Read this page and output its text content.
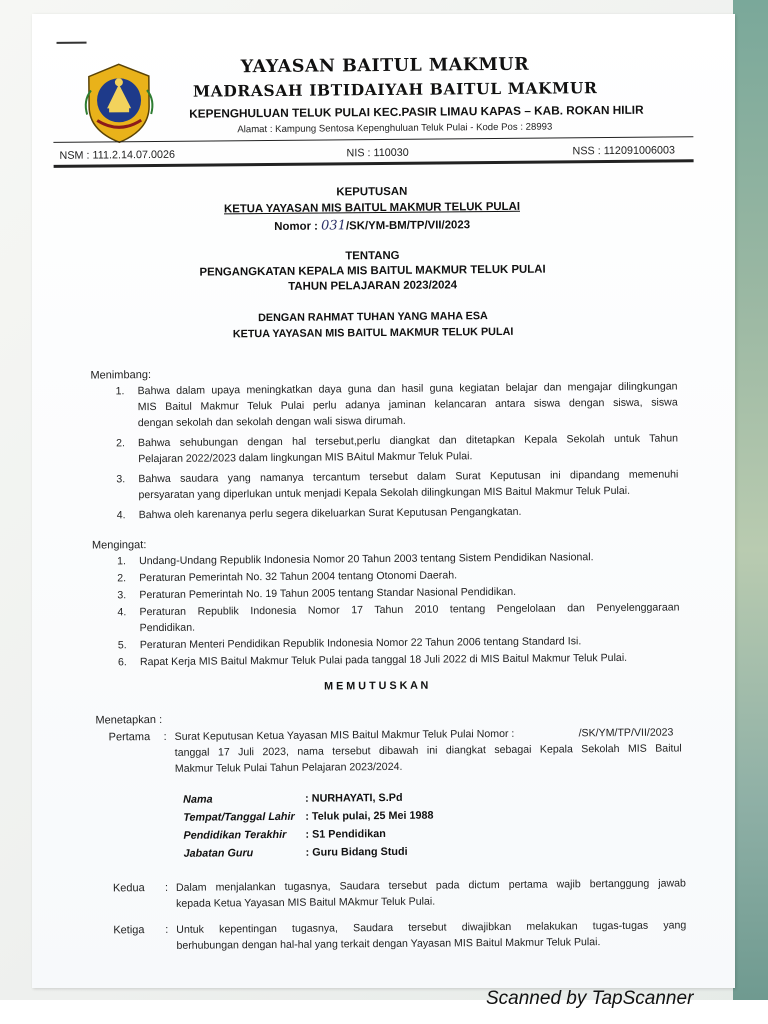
YAYASAN BAITUL MAKMUR
MADRASAH IBTIDAIYAH BAITUL MAKMUR
KEPENGHULUAN TELUK PULAI KEC.PASIR LIMAU KAPAS – KAB. ROKAN HILIR
Alamat : Kampung Sentosa Kepenghuluan Teluk Pulai - Kode Pos : 28993
NSM : 111.2.14.07.0026	NIS : 110030	NSS : 112091006003
KEPUTUSAN
KETUA YAYASAN MIS BAITUL MAKMUR TELUK PULAI
Nomor : 031/SK/YM-BM/TP/VII/2023
TENTANG
PENGANGKATAN KEPALA MIS BAITUL MAKMUR TELUK PULAI
TAHUN PELAJARAN 2023/2024
DENGAN RAHMAT TUHAN YANG MAHA ESA
KETUA YAYASAN MIS BAITUL MAKMUR TELUK PULAI
Menimbang:
1. Bahwa dalam upaya meningkatkan daya guna dan hasil guna kegiatan belajar dan mengajar dilingkungan
MIS Baitul Makmur Teluk Pulai perlu adanya jaminan kelancaran antara siswa dengan siswa, siswa
dengan sekolah dan sekolah dengan wali siswa dirumah.
2. Bahwa sehubungan dengan hal tersebut,perlu diangkat dan ditetapkan Kepala Sekolah untuk Tahun
Pelajaran 2022/2023 dalam lingkungan MIS BAitul Makmur Teluk Pulai.
3. Bahwa saudara yang namanya tercantum tersebut dalam Surat Keputusan ini dipandang memenuhi
persyaratan yang diperlukan untuk menjadi Kepala Sekolah dilingkungan MIS Baitul Makmur Teluk Pulai.
4. Bahwa oleh karenanya perlu segera dikeluarkan Surat Keputusan Pengangkatan.
Mengingat:
1. Undang-Undang Republik Indonesia Nomor 20 Tahun 2003 tentang Sistem Pendidikan Nasional.
2. Peraturan Pemerintah No. 32 Tahun 2004 tentang Otonomi Daerah.
3. Peraturan Pemerintah No. 19 Tahun 2005 tentang Standar Nasional Pendidikan.
4. Peraturan Republik Indonesia Nomor 17 Tahun 2010 tentang Pengelolaan dan Penyelenggaraan
Pendidikan.
5. Peraturan Menteri Pendidikan Republik Indonesia Nomor 22 Tahun 2006 tentang Standard Isi.
6. Rapat Kerja MIS Baitul Makmur Teluk Pulai pada tanggal 18 Juli 2022 di MIS Baitul Makmur Teluk Pulai.
M E M U T U S K A N
Menetapkan :
Pertama : Surat Keputusan Ketua Yayasan MIS Baitul Makmur Teluk Pulai Nomor :	/SK/YM/TP/VII/2023
tanggal 17 Juli 2023, nama tersebut dibawah ini diangkat sebagai Kepala Sekolah MIS Baitul
Makmur Teluk Pulai Tahun Pelajaran 2023/2024.
Nama	: NURHAYATI, S.Pd
Tempat/Tanggal Lahir : Teluk pulai, 25 Mei 1988
Pendidikan Terakhir : S1 Pendidikan
Jabatan Guru	: Guru Bidang Studi
Kedua : Dalam menjalankan tugasnya, Saudara tersebut pada dictum pertama wajib bertanggung jawab
kepada Ketua Yayasan MIS Baitul MAkmur Teluk Pulai.
Ketiga : Untuk kepentingan tugasnya, Saudara tersebut diwajibkan melakukan tugas-tugas yang
berhubungan dengan hal-hal yang terkait dengan Yayasan MIS Baitul Makmur Teluk Pulai.
Scanned by TapScanner
